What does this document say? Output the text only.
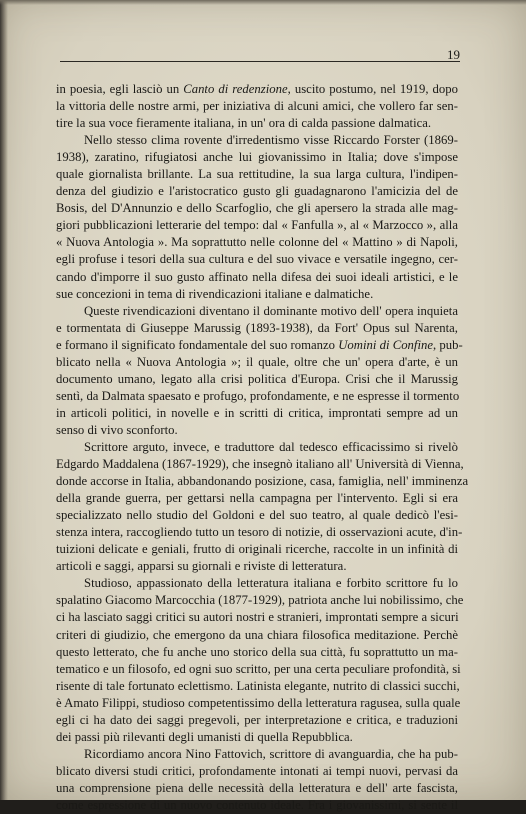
19
in poesia, egli lasciò un Canto di redenzione, uscito postumo, nel 1919, dopo
la vittoria delle nostre armi, per iniziativa di alcuni amici, che vollero far sen-
tire la sua voce fieramente italiana, in un' ora di calda passione dalmatica.
Nello stesso clima rovente d'irredentismo visse Riccardo Forster (1869-
1938), zaratino, rifugiatosi anche lui giovanissimo in Italia; dove s'impose
quale giornalista brillante. La sua rettitudine, la sua larga cultura, l'indipen-
denza del giudizio e l'aristocratico gusto gli guadagnarono l'amicizia del de
Bosis, del D'Annunzio e dello Scarfoglio, che gli apersero la strada alle mag-
giori pubblicazioni letterarie del tempo: dal « Fanfulla », al « Marzocco », alla
« Nuova Antologia ». Ma soprattutto nelle colonne del « Mattino » di Napoli,
egli profuse i tesori della sua cultura e del suo vivace e versatile ingegno, cer-
cando d'imporre il suo gusto affinato nella difesa dei suoi ideali artistici, e le
sue concezioni in tema di rivendicazioni italiane e dalmatiche.
Queste rivendicazioni diventano il dominante motivo dell' opera inquieta
e tormentata di Giuseppe Marussig (1893-1938), da Fort' Opus sul Narenta,
e formano il significato fondamentale del suo romanzo Uomini di Confine, pub-
blicato nella « Nuova Antologia »; il quale, oltre che un' opera d'arte, è un
documento umano, legato alla crisi politica d'Europa. Crisi che il Marussig
sentì, da Dalmata spaesato e profugo, profondamente, e ne espresse il tormento
in articoli politici, in novelle e in scritti di critica, improntati sempre ad un
senso di vivo sconforto.
Scrittore arguto, invece, e traduttore dal tedesco efficacissimo si rivelò
Edgardo Maddalena (1867-1929), che insegnò italiano all' Università di Vienna,
donde accorse in Italia, abbandonando posizione, casa, famiglia, nell' imminenza
della grande guerra, per gettarsi nella campagna per l'intervento. Egli si era
specializzato nello studio del Goldoni e del suo teatro, al quale dedicò l'esi-
stenza intera, raccogliendo tutto un tesoro di notizie, di osservazioni acute, d'in-
tuizioni delicate e geniali, frutto di originali ricerche, raccolte in un infinità di
articoli e saggi, apparsi su giornali e riviste di letteratura.
Studioso, appassionato della letteratura italiana e forbito scrittore fu lo
spalatino Giacomo Marcocchia (1877-1929), patriota anche lui nobilissimo, che
ci ha lasciato saggi critici su autori nostri e stranieri, improntati sempre a sicuri
criteri di giudizio, che emergono da una chiara filosofica meditazione. Perchè
questo letterato, che fu anche uno storico della sua città, fu soprattutto un ma-
tematico e un filosofo, ed ogni suo scritto, per una certa peculiare profondità, si
risente di tale fortunato eclettismo. Latinista elegante, nutrito di classici succhi,
è Amato Filippi, studioso competentissimo della letteratura ragusea, sulla quale
egli ci ha dato dei saggi pregevoli, per interpretazione e critica, e traduzioni
dei passi più rilevanti degli umanisti di quella Repubblica.
Ricordiamo ancora Nino Fattovich, scrittore di avanguardia, che ha pub-
blicato diversi studi critici, profondamente intonati ai tempi nuovi, pervasi da
una comprensione piena delle necessità della letteratura e dell' arte fascista,
come espressione di un nuovo contenuto ideale. Fra i giovanissimi, si sente il
